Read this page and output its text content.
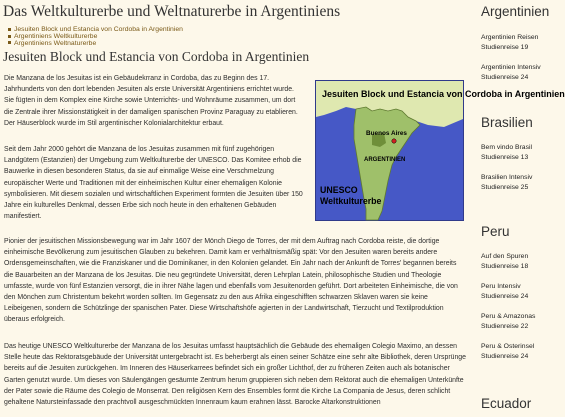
Das Weltkulturerbe und Weltnaturerbe in Argentiniens
Jesuiten Block und Estancia von Cordoba in Argentinien
Argentiniens Weltkulturerbe
Argentiniens Weltnaturerbe
Jesuiten Block und Estancia von Cordoba in Argentinien

Die Manzana de los Jesuitas ist ein Gebäudekrranz in Cordoba, das zu Beginn des 17. Jahrhunderts von den dort lebenden Jesuiten als erste Universität Argentiniens errichtet wurde. Sie fügten in dem Komplex eine Kirche sowie Unterrichts- und Wohnräume zusammen, um dort die Zentrale ihrer Missionstätigkeit in der damaligen spanischen Provinz Paraguay zu etablieren. Der Häuserblock wurde im Stil argentinischer Kolonialarchitektur erbaut.

Seit dem Jahr 2000 gehört die Manzana de los Jesuitas zusammen mit fünf zugehörigen Landgütern (Estanzien) der Umgebung zum Weltkulturerbe der UNESCO. Das Komitee erhob die Bauwerke in diesen besonderen Status, da sie auf einmalige Weise eine Verschmelzung europäischer Werte und Traditionen mit der einheimischen Kultur einer ehemaligen Kolonie symbolisieren. Mit diesem sozialen und wirtschaftlichen Experiment formten die Jesuiten über 150 Jahre ein kulturelles Denkmal, dessen Erbe sich noch heute in den erhaltenen Gebäuden manifestiert.

Pionier der jesuitischen Missionsbewegung war im Jahr 1607 der Mönch Diego de Torres, der mit dem Auftrag nach Cordoba reiste, die dortige einheimische Bevölkerung zum jesuitischen Glauben zu bekehren. Damit kam er verhältnismäßig spät: Vor den Jesuiten waren bereits andere Ordensgemeinschaften, wie die Franziskaner und die Dominikaner, in den Kolonien gelandet. Ein Jahr nach der Ankunft de Torres' begannen bereits die Bauarbeiten an der Manzana de los Jesuitas. Die neu gegründete Universität, deren Lehrplan Latein, philosophische Studien und Theologie umfasste, wurde von fünf Estanzien versorgt, die in ihrer Nähe lagen und ebenfalls vom Jesuitenorden geführt. Dort arbeiteten Einheimische, die von den Mönchen zum Christentum bekehrt worden sollten. Im Gegensatz zu den aus Afrika eingeschifften schwarzen Sklaven waren sie keine Leibeigenen, sondern die Schützlinge der spanischen Pater. Diese Wirtschaftshöfe agierten in der Landwirtschaft, Tierzucht und Textilproduktion überaus erfolgreich.

Das heutige UNESCO Weltkulturerbe der Manzana de los Jesuitas umfasst hauptsächlich die Gebäude des ehemaligen Colegio Maximo, an dessen Stelle heute das Rektoratsgebäude der Universität untergebracht ist. Es beherbergt als einen seiner Schätze eine sehr alte Bibliothek, deren Ursprünge bereits auf die Jesuiten zurückgehen. Im Inneren des Häuserkarrees befindet sich ein großer Lichthof, der zu früheren Zeiten auch als botanischer Garten genutzt wurde. Um dieses von Säulengängen gesäumte Zentrum herum gruppieren sich neben dem Rektorat auch die ehemaligen Unterkünfte der Pater sowie die Räume des Colegio de Monserrat. Den religiösen Kern des Ensembles formt die Kirche La Compania de Jesus, deren schlicht gehaltene Natursteinfassade den prachtvoll ausgeschmückten Innenraum kaum erahnen lässt. Barocke Altarkonstruktionen

Jesuiten Block und Estancia von Cordoba in Argentinien
Buenos Aires
ARGENTINIEN
UNESCO Weltkulturerbe
Argentinien
Argentinien Reisen
Studienreise 19
Argentinien Intensiv
Studienreise 24
Brasilien
Bem vindo Brasil
Studienreise 13
Brasilien Intensiv
Studienreise 25
Peru
Auf den Spuren
Studienreise 18
Peru Intensiv
Studienreise 24
Peru & Amazonas
Studienreise 22
Peru & Osterinsel
Studienreise 24
Ecuador
